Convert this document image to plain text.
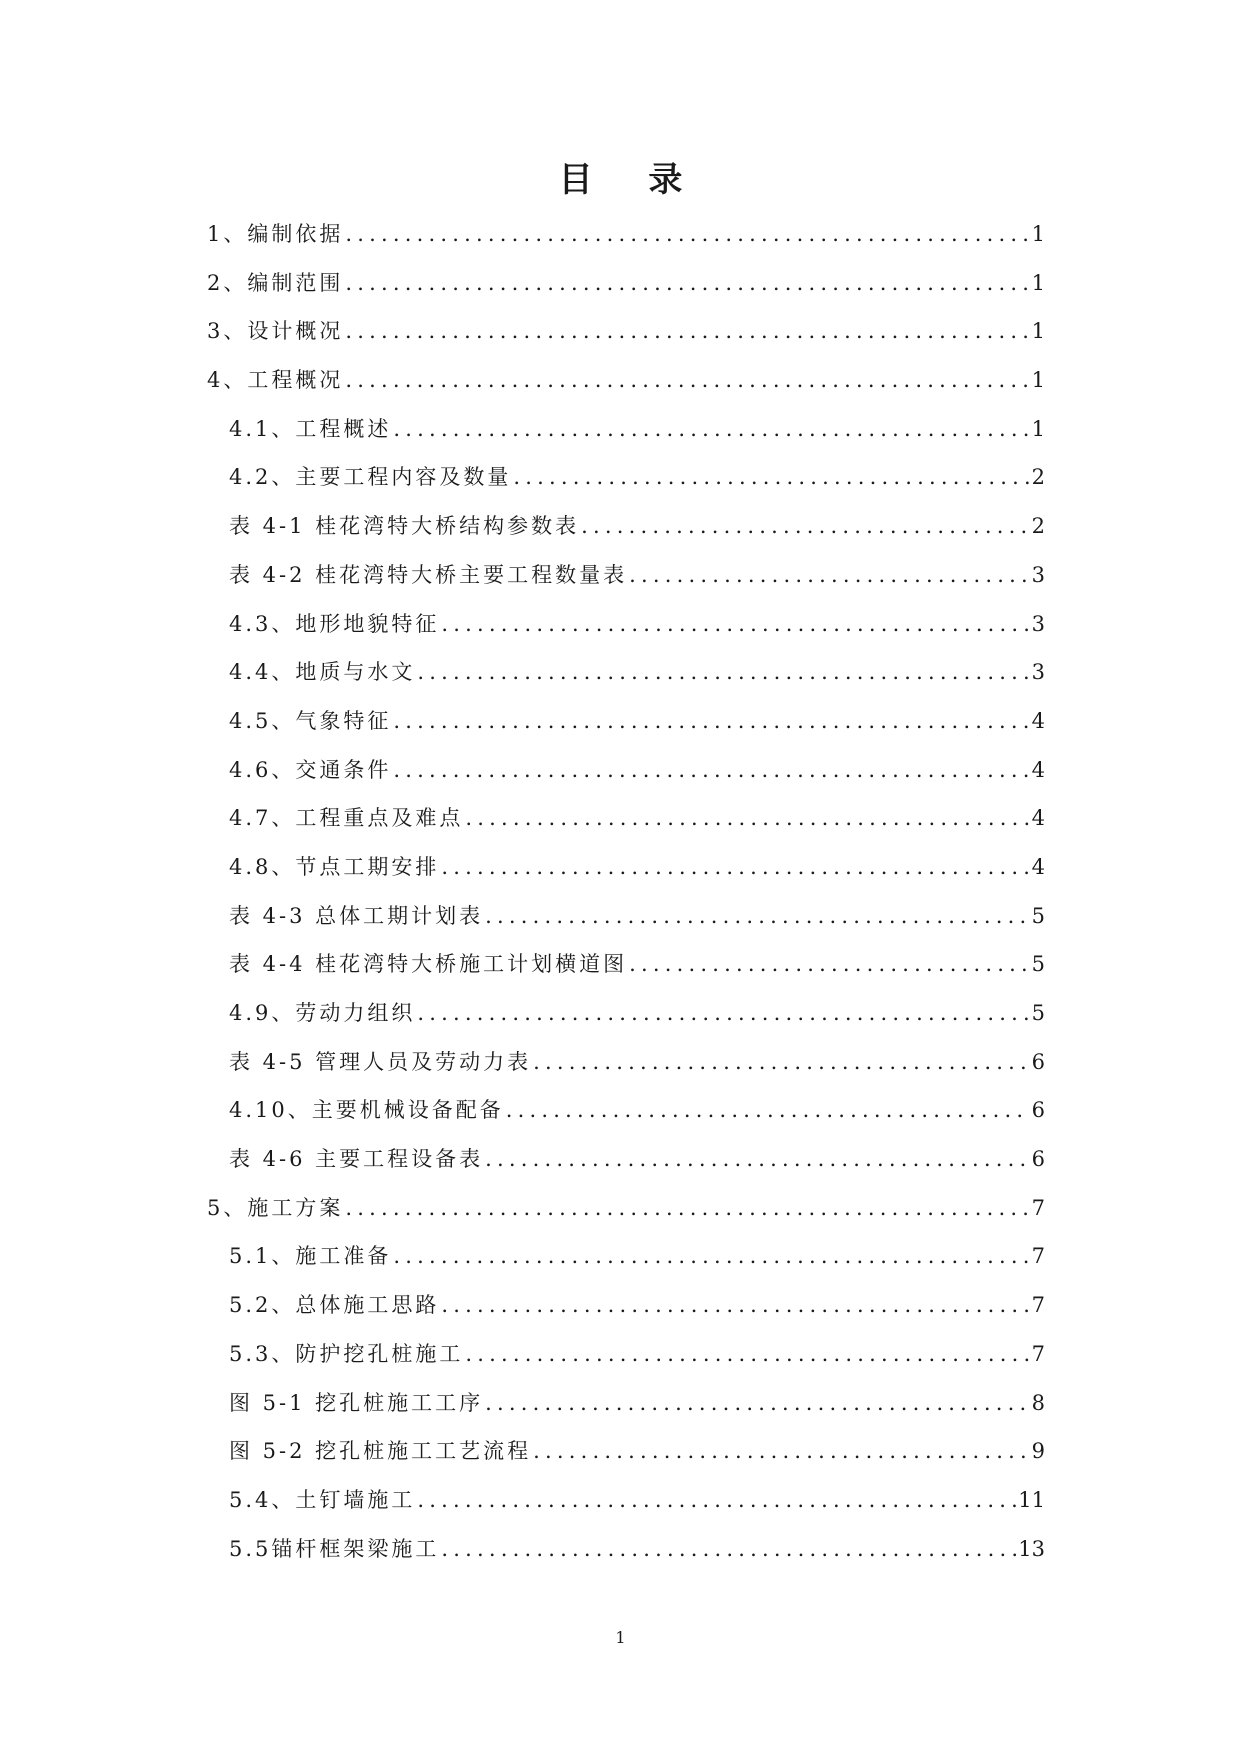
目 录
1、编制依据 .....	1
2、编制范围 .....	1
3、设计概况 .....	1
4、工程概况 .....	1
4.1、工程概述 .....	1
4.2、主要工程内容及数量 .....	2
表 4-1 桂花湾特大桥结构参数表 .....	2
表 4-2 桂花湾特大桥主要工程数量表 .....	3
4.3、地形地貌特征 .....	3
4.4、地质与水文 .....	3
4.5、气象特征 .....	4
4.6、交通条件 .....	4
4.7、工程重点及难点 .....	4
4.8、节点工期安排 .....	4
表 4-3 总体工期计划表 .....	5
表 4-4 桂花湾特大桥施工计划横道图 .....	5
4.9、劳动力组织 .....	5
表 4-5 管理人员及劳动力表 .....	6
4.10、主要机械设备配备 .....	6
表 4-6 主要工程设备表 .....	6
5、施工方案 .....	7
5.1、施工准备 .....	7
5.2、总体施工思路 .....	7
5.3、防护挖孔桩施工 .....	7
图 5-1 挖孔桩施工工序 .....	8
图 5-2 挖孔桩施工工艺流程 .....	9
5.4、土钉墙施工 .....	11
5.5锚杆框架梁施工 .....	13
1
